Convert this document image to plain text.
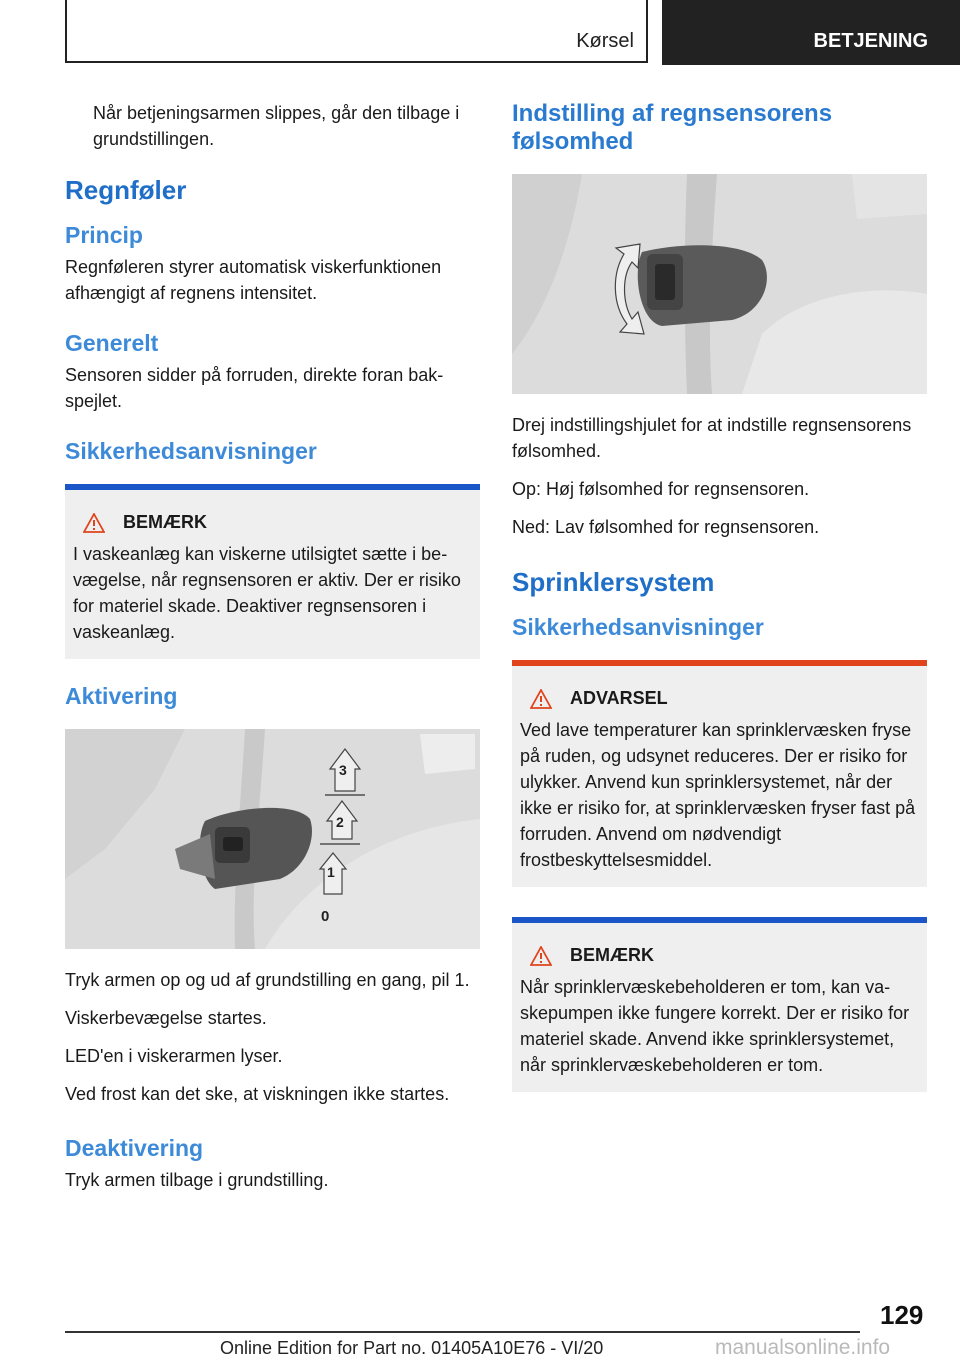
Kørsel	BETJENING

Når betjeningsarmen slippes, går den tilbage i grundstillingen.

Regnføler
Princip

Regnføleren styrer automatisk viskerfunktionen afhængigt af regnens intensitet.

Generelt

Sensoren sidder på forruden, direkte foran bakspejlet.

Sikkerhedsanvisninger
BEMÆRK

I vaskeanlæg kan viskerne utilsigtet sætte i bevægelse, når regnsensoren er aktiv. Der er risiko for materiel skade. Deaktiver regnsensoren i vaskeanlæg.

Aktivering
3
2
1
0

Tryk armen op og ud af grundstilling en gang, pil 1.

Viskerbevægelse startes.

LED'en i viskerarmen lyser.

Ved frost kan det ske, at viskningen ikke startes.

Deaktivering

Tryk armen tilbage i grundstilling.

Indstilling af regnsensorens følsomhed

Drej indstillingshjulet for at indstille regnsensorens følsomhed.

Op: Høj følsomhed for regnsensoren.

Ned: Lav følsomhed for regnsensoren.

Sprinklersystem
Sikkerhedsanvisninger
ADVARSEL

Ved lave temperaturer kan sprinklervæsken fryse på ruden, og udsynet reduceres. Der er risiko for ulykker. Anvend kun sprinklersystemet, når der ikke er risiko for, at sprinklervæsken fryser fast på forruden. Anvend om nødvendigt frostbeskyttelsesmiddel.

BEMÆRK

Når sprinklervæskebeholderen er tom, kan vaskepumpen ikke fungere korrekt. Der er risiko for materiel skade. Anvend ikke sprinklersystemet, når sprinklervæskebeholderen er tom.

129
Online Edition for Part no. 01405A10E76 - VI/20	manualsonline.info
